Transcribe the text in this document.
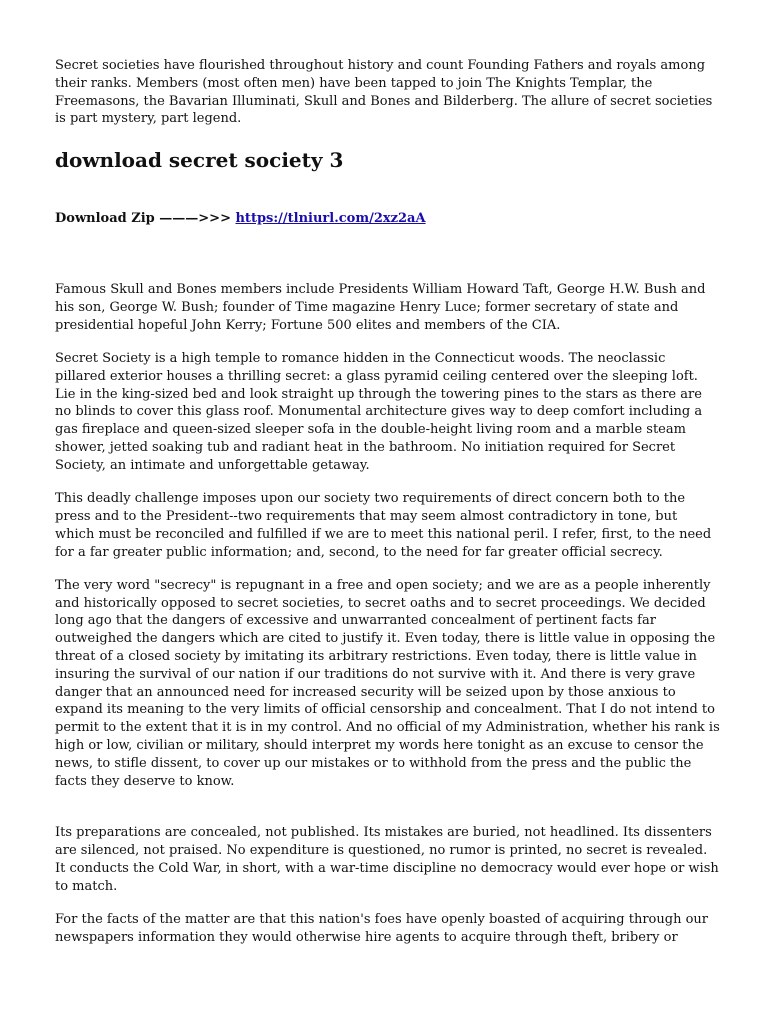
Secret societies have flourished throughout history and count Founding Fathers and royals among their ranks. Members (most often men) have been tapped to join The Knights Templar, the Freemasons, the Bavarian Illuminati, Skull and Bones and Bilderberg. The allure of secret societies is part mystery, part legend.

download secret society 3

Download Zip ———>>> https://tlniurl.com/2xz2aA

Famous Skull and Bones members include Presidents William Howard Taft, George H.W. Bush and his son, George W. Bush; founder of Time magazine Henry Luce; former secretary of state and presidential hopeful John Kerry; Fortune 500 elites and members of the CIA.

Secret Society is a high temple to romance hidden in the Connecticut woods. The neoclassic pillared exterior houses a thrilling secret: a glass pyramid ceiling centered over the sleeping loft. Lie in the king-sized bed and look straight up through the towering pines to the stars as there are no blinds to cover this glass roof. Monumental architecture gives way to deep comfort including a gas fireplace and queen-sized sleeper sofa in the double-height living room and a marble steam shower, jetted soaking tub and radiant heat in the bathroom. No initiation required for Secret Society, an intimate and unforgettable getaway.

This deadly challenge imposes upon our society two requirements of direct concern both to the press and to the President--two requirements that may seem almost contradictory in tone, but which must be reconciled and fulfilled if we are to meet this national peril. I refer, first, to the need for a far greater public information; and, second, to the need for far greater official secrecy.

The very word "secrecy" is repugnant in a free and open society; and we are as a people inherently and historically opposed to secret societies, to secret oaths and to secret proceedings. We decided long ago that the dangers of excessive and unwarranted concealment of pertinent facts far outweighed the dangers which are cited to justify it. Even today, there is little value in opposing the threat of a closed society by imitating its arbitrary restrictions. Even today, there is little value in insuring the survival of our nation if our traditions do not survive with it. And there is very grave danger that an announced need for increased security will be seized upon by those anxious to expand its meaning to the very limits of official censorship and concealment. That I do not intend to permit to the extent that it is in my control. And no official of my Administration, whether his rank is high or low, civilian or military, should interpret my words here tonight as an excuse to censor the news, to stifle dissent, to cover up our mistakes or to withhold from the press and the public the facts they deserve to know.

Its preparations are concealed, not published. Its mistakes are buried, not headlined. Its dissenters are silenced, not praised. No expenditure is questioned, no rumor is printed, no secret is revealed. It conducts the Cold War, in short, with a war-time discipline no democracy would ever hope or wish to match.

For the facts of the matter are that this nation's foes have openly boasted of acquiring through our newspapers information they would otherwise hire agents to acquire through theft, bribery or
